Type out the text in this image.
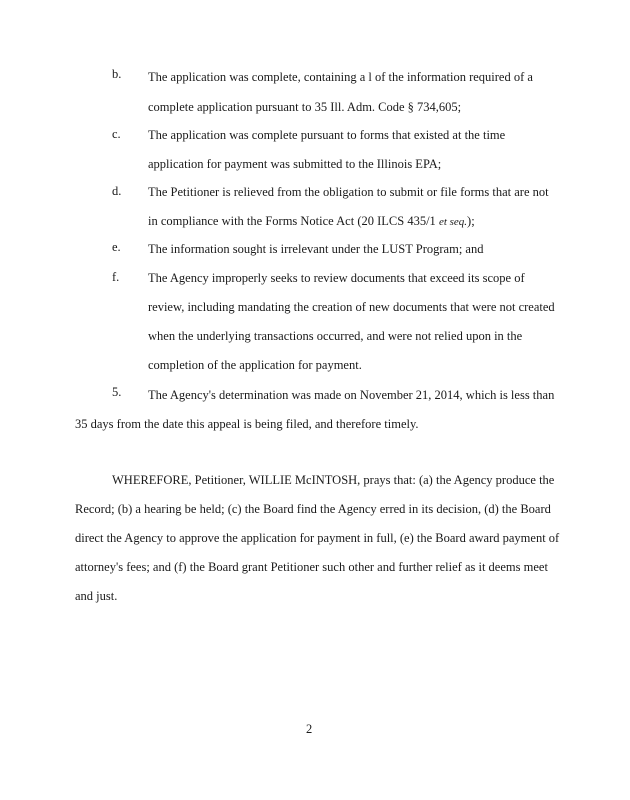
b. The application was complete, containing a l of the information required of a
complete application pursuant to 35 Ill. Adm. Code § 734,605;
c. The application was complete pursuant to forms that existed at the time
application for payment was submitted to the Illinois EPA;
d. The Petitioner is relieved from the obligation to submit or file forms that are not
in compliance with the Forms Notice Act (20 ILCS 435/1 et seq.);
e. The information sought is irrelevant under the LUST Program; and
f. The Agency improperly seeks to review documents that exceed its scope of
review, including mandating the creation of new documents that were not created
when the underlying transactions occurred, and were not relied upon in the
completion of the application for payment.
5. The Agency's determination was made on November 21, 2014, which is less than
35 days from the date this appeal is being filed, and therefore timely.
WHEREFORE, Petitioner, WILLIE McINTOSH, prays that: (a) the Agency produce the
Record; (b) a hearing be held; (c) the Board find the Agency erred in its decision, (d) the Board
direct the Agency to approve the application for payment in full, (e) the Board award payment of
attorney's fees; and (f) the Board grant Petitioner such other and further relief as it deems meet
and just.
2
